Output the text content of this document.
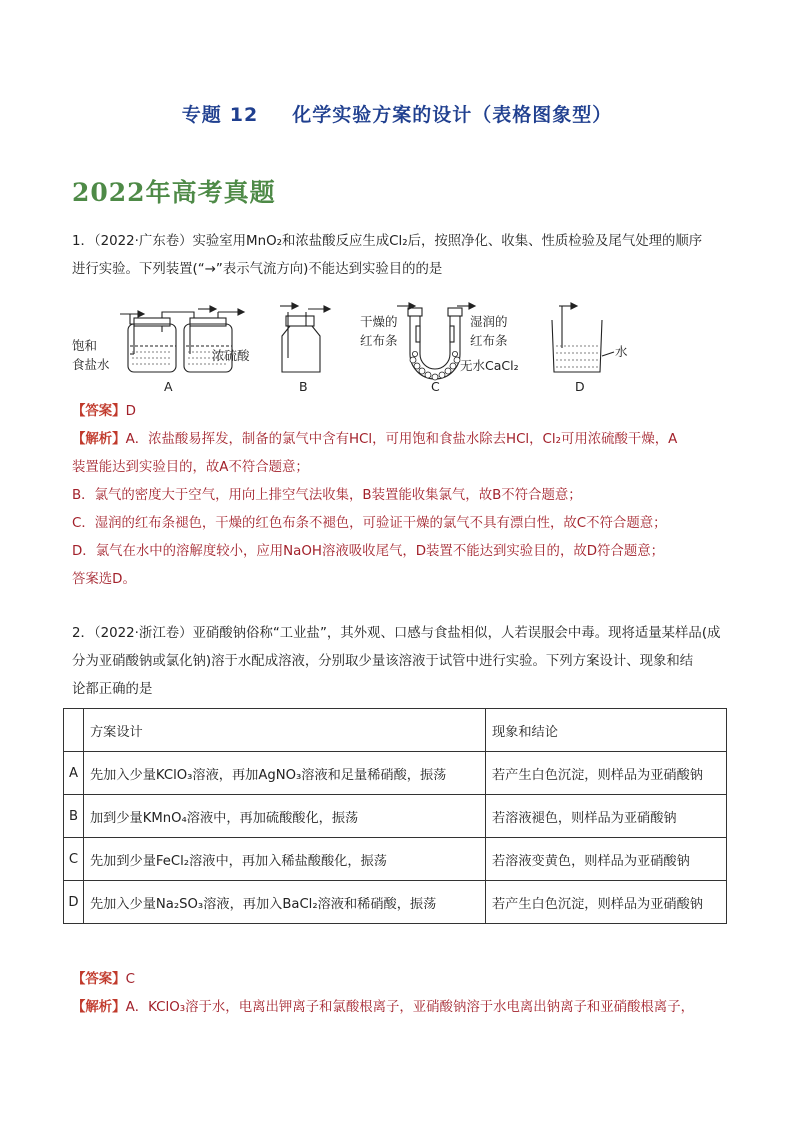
专题 12 化学实验方案的设计（表格图象型）
2022年高考真题
1．（2022·广东卷）实验室用MnO₂和浓盐酸反应生成Cl₂后，按照净化、收集、性质检验及尾气处理的顺序
进行实验。下列装置(“→”表示气流方向)不能达到实验目的的是
饱和
食盐水
浓硫酸
A	B
干燥的
红布条
湿润的
红布条
无水CaCl₂
C
水
D
【答案】D
【解析】A．浓盐酸易挥发，制备的氯气中含有HCl，可用饱和食盐水除去HCl，Cl₂可用浓硫酸干燥，A
装置能达到实验目的，故A不符合题意；
B．氯气的密度大于空气，用向上排空气法收集，B装置能收集氯气，故B不符合题意；
C．湿润的红布条褪色，干燥的红色布条不褪色，可验证干燥的氯气不具有漂白性，故C不符合题意；
D．氯气在水中的溶解度较小，应用NaOH溶液吸收尾气，D装置不能达到实验目的，故D符合题意；
答案选D。
2．（2022·浙江卷）亚硝酸钠俗称“工业盐”，其外观、口感与食盐相似，人若误服会中毒。现将适量某样品(成
分为亚硝酸钠或氯化钠)溶于水配成溶液，分别取少量该溶液于试管中进行实验。下列方案设计、现象和结
论都正确的是
	方案设计	现象和结论
A	先加入少量KClO₃溶液，再加AgNO₃溶液和足量稀硝酸，振荡	若产生白色沉淀，则样品为亚硝酸钠
B	加到少量KMnO₄溶液中，再加硫酸酸化，振荡	若溶液褪色，则样品为亚硝酸钠
C	先加到少量FeCl₂溶液中，再加入稀盐酸酸化，振荡	若溶液变黄色，则样品为亚硝酸钠
D	先加入少量Na₂SO₃溶液，再加入BaCl₂溶液和稀硝酸，振荡	若产生白色沉淀，则样品为亚硝酸钠
【答案】C
【解析】A．KClO₃溶于水，电离出钾离子和氯酸根离子，亚硝酸钠溶于水电离出钠离子和亚硝酸根离子，
